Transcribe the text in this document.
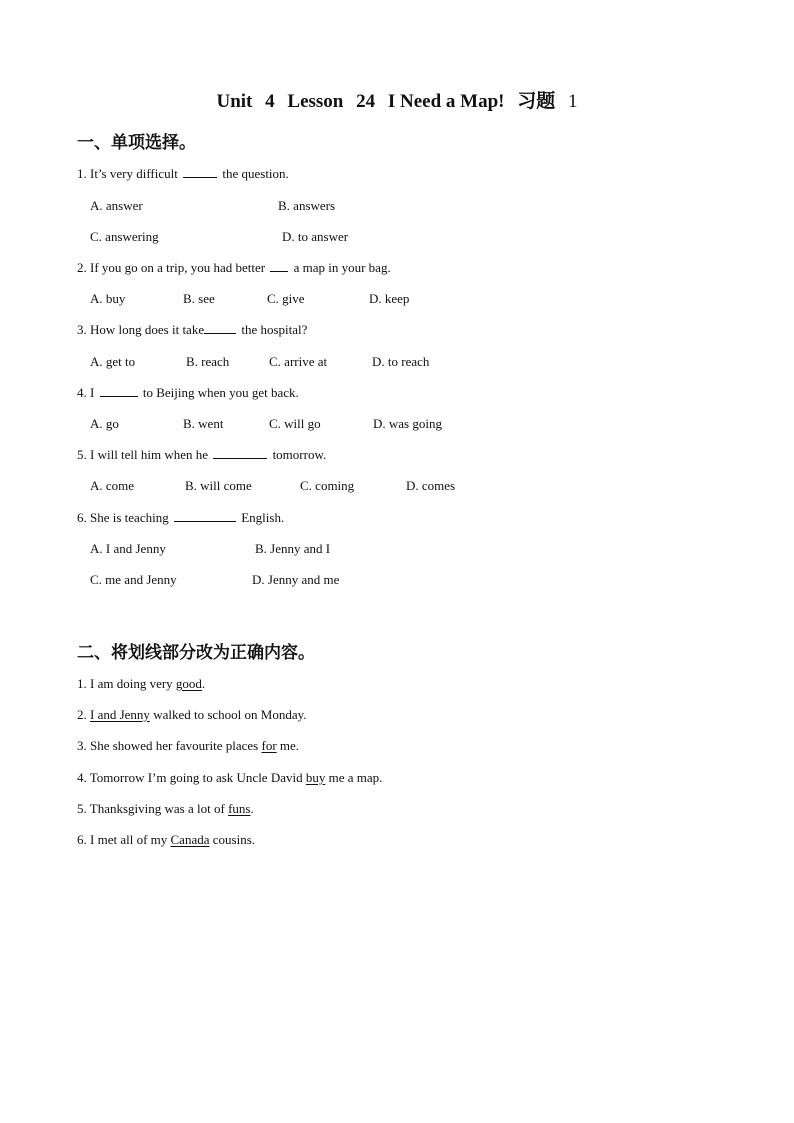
Unit 4 Lesson 24 I Need a Map! 习题 1
一、单项选择。
1. It’s very difficult	the question.
A. answer	B. answers
C. answering	D. to answer
2. If you go on a trip, you had better a map in your bag.
A. buy	B. see	C. give	D. keep
3. How long does it take	the hospital?
A. get to	B. reach	C. arrive at	D. to reach
4. I	to Beijing when you get back.
A. go	B. went	C. will go	D. was going
5. I will tell him when he	tomorrow.
A. come	B. will come	C. coming	D. comes
6. She is teaching	English.
A. I and Jenny	B. Jenny and I
C. me and Jenny	D. Jenny and me
二、将划线部分改为正确内容。
1. I am doing very good.
2. I and Jenny walked to school on Monday.
3. She showed her favourite places for me.
4. Tomorrow I’m going to ask Uncle David buy me a map.
5. Thanksgiving was a lot of funs.
6. I met all of my Canada cousins.
